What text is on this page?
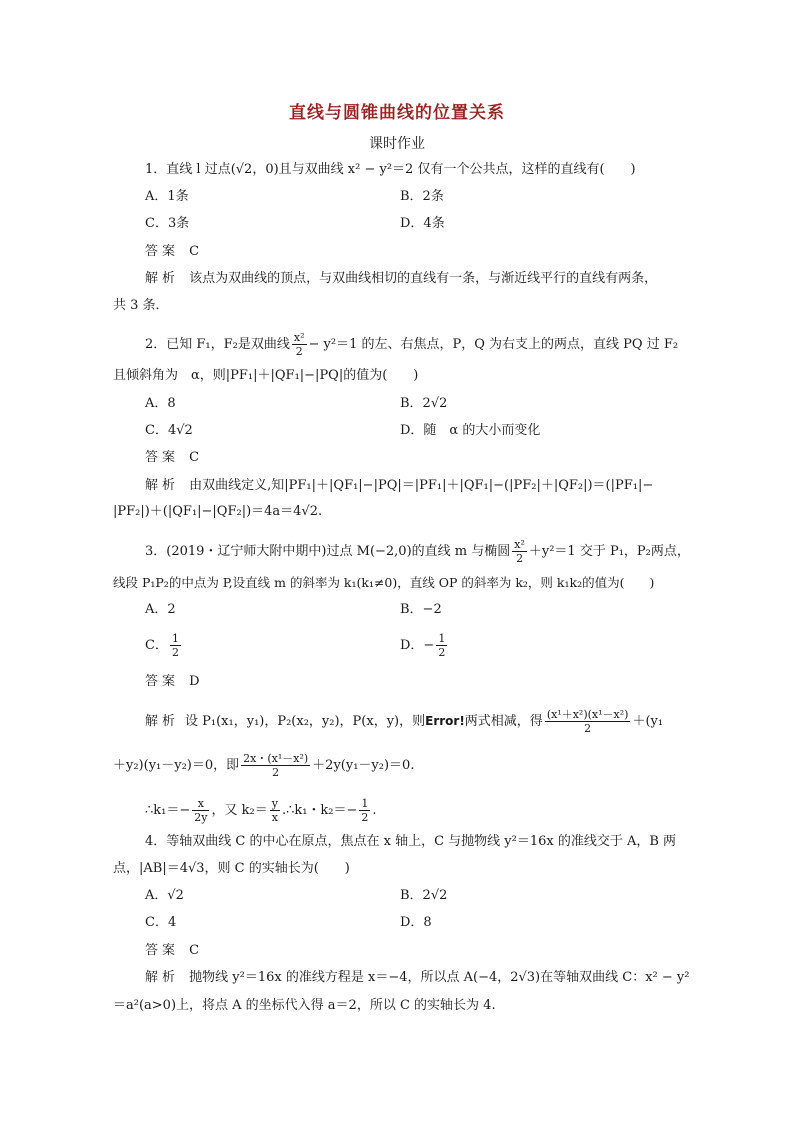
直线与圆锥曲线的位置关系
课时作业
1．直线 l 过点(√2，0)且与双曲线 x² − y²＝2 仅有一个公共点，这样的直线有(　　)
A．1条	B．2条
C．3条	D．4条
答案 C
解析 该点为双曲线的顶点，与双曲线相切的直线有一条，与渐近线平行的直线有两条，
共 3 条．
2．已知 F₁，F₂是双曲线 $\frac{\text{x²}}{2} - y^2=1$ 的左、右焦点，P，Q 为右支上的两点，直线 PQ 过 F₂
且倾斜角为　α，则|PF₁|＋|QF₁|−|PQ|的值为(　　)
A．8	B．2√2
C．4√2	D．随　α 的大小而变化
答案 C
解析 由双曲线定义,知|PF₁|＋|QF₁|−|PQ|＝|PF₁|＋|QF₁|−(|PF₂|＋|QF₂|)＝(|PF₁|−
|PF₂|)＋(|QF₁|−|QF₂|)＝4a＝4√2.
3．(2019・辽宁师大附中期中)过点 M(−2,0)的直线 m 与椭圆 $\frac{\text{x²}}{2} +y^2=1$ 交于 P₁，P₂两点，
线段 P₁P₂的中点为 P,设直线 m 的斜率为 k₁(k₁≠0)，直线 OP 的斜率为 k₂，则 k₁k₂的值为(　　)
A．2	B．−2
C． $\frac{1}{2}$	D．− $\frac{1}{2}$
答案 D
解析 设 P₁(x₁，y₁)，P₂(x₂，y₂)，P(x，y)，则Error!两式相减，得 $\frac{\text{(x¹＋x²)(x¹－x²)}}{2} +(y_1$
＋y₂)(y₁－y₂)＝0，即 $\frac{\text{2x・(x¹－x²)}}{2} +2y(y_1-y_2)=0$.
∴k₁＝− $\frac{x}{2y}$ ，又 $k_2= \frac{y}{x}$ .∴k₁・$k_2=- \frac{1}{2}$ .
4．等轴双曲线 C 的中心在原点，焦点在 x 轴上，C 与抛物线 y²＝16x 的准线交于 A，B 两
点，|AB|＝4√3，则 C 的实轴长为(　　)
A．√2	B．2√2
C．4	D．8
答案 C
解析 抛物线 y²＝16x 的准线方程是 x＝−4，所以点 A(−4，2√3)在等轴双曲线 C：x² − y²
＝a²(a>0)上，将点 A 的坐标代入得 a＝2，所以 C 的实轴长为 4.
